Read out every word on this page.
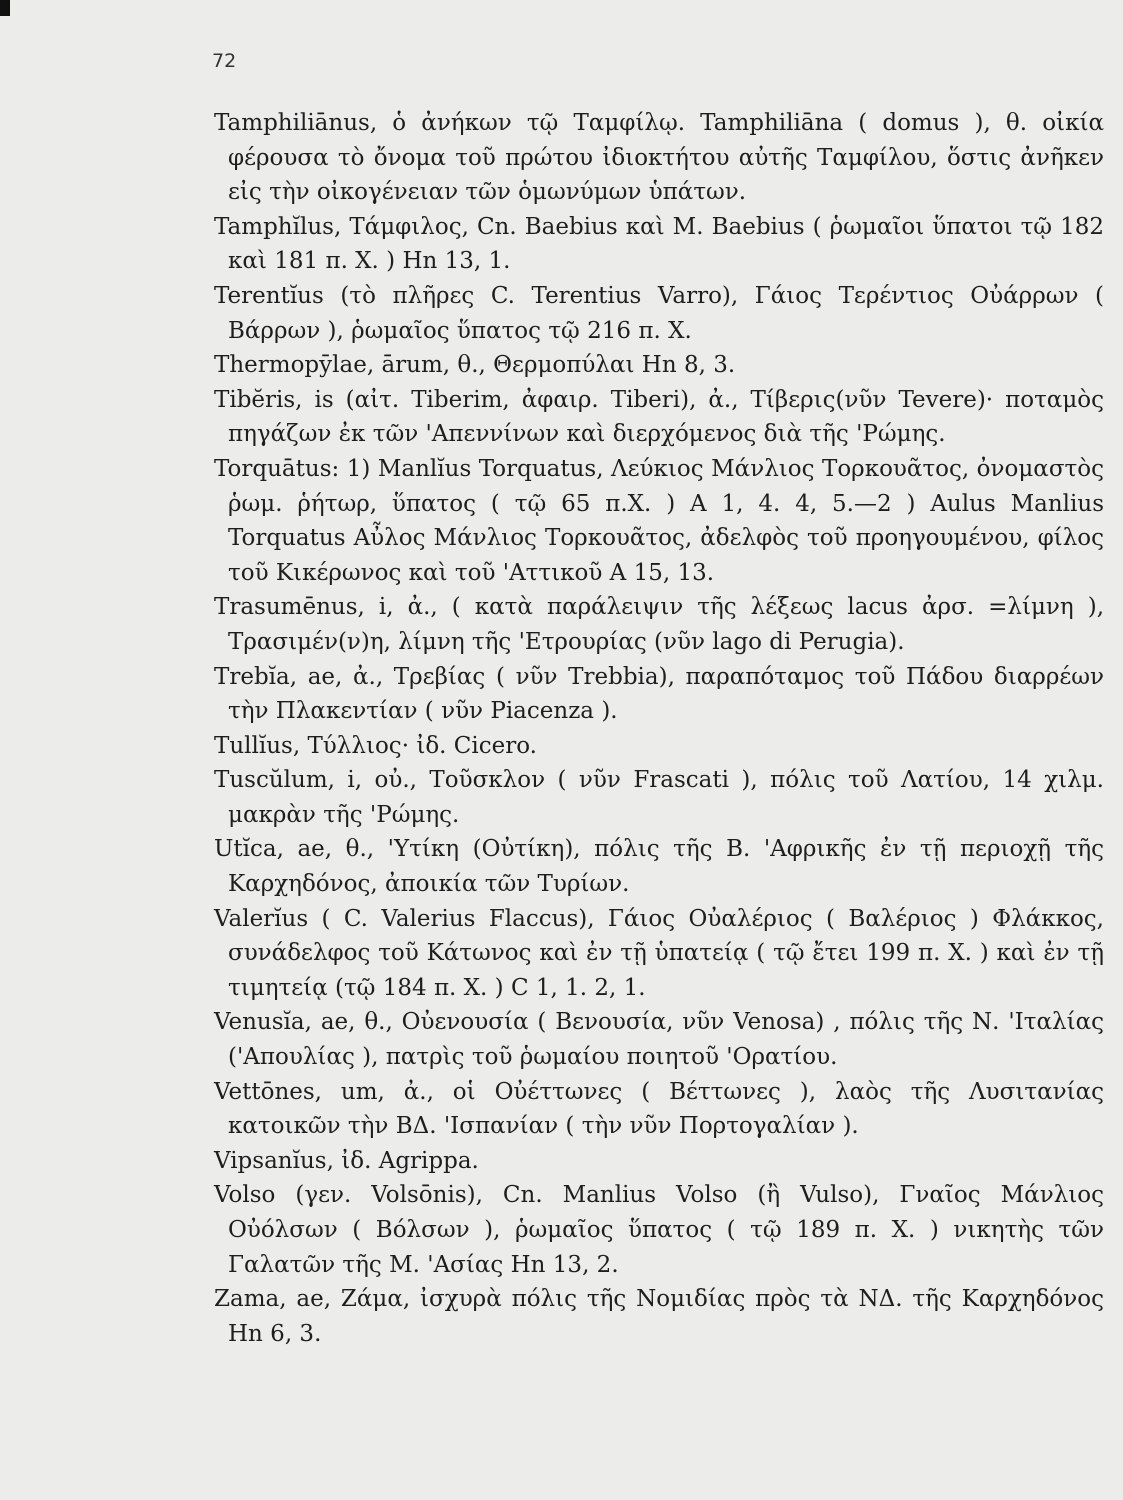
72

Tamphiliānus, ὁ ἀνήκων τῷ Ταμφίλῳ. Tamphiliāna ( domus ), θ. οἰκία φέρουσα τὸ ὄνομα τοῦ πρώτου ἰδιοκτήτου αὐτῆς Ταμφίλου, ὅστις ἀνῆκεν εἰς τὴν οἰκογένειαν τῶν ὁμωνύμων ὑπάτων.

Tamphĭlus, Τάμφιλος, Cn. Baebius καὶ M. Baebius ( ῥωμαῖοι ὕπατοι τῷ 182 καὶ 181 π. Χ. ) Hn 13, 1.

Terentĭus (τὸ πλῆρες C. Terentius Varro), Γάιος Τερέντιος Οὐάρρων ( Βάρρων ), ῥωμαῖος ὕπατος τῷ 216 π. Χ.

Thermopȳlae, ārum, θ., Θερμοπύλαι Hn 8, 3.

Tibĕris, is (αἰτ. Tiberim, ἀφαιρ. Tiberi), ἀ., Τίβερις(νῦν Tevere)· ποταμὸς πηγάζων ἐκ τῶν 'Απεννίνων καὶ διερχόμενος διὰ τῆς 'Ρώμης.

Torquātus: 1) Manlĭus Torquatus, Λεύκιος Μάνλιος Τορκουᾶτος, ὀνομαστὸς ῥωμ. ῥήτωρ, ὕπατος ( τῷ 65 π.Χ. ) A 1, 4. 4, 5.—2 ) Aulus Manlius Torquatus Αὖλος Μάνλιος Τορκουᾶτος, ἀδελφὸς τοῦ προηγουμένου, φίλος τοῦ Κικέρωνος καὶ τοῦ 'Αττικοῦ A 15, 13.

Trasumēnus, i, ἀ., ( κατὰ παράλειψιν τῆς λέξεως lacus ἀρσ. =λίμνη ), Τρασιμέν(ν)η, λίμνη τῆς 'Ετρουρίας (νῦν lago di Perugia).

Trebĭa, ae, ἀ., Τρεβίας ( νῦν Trebbia), παραπόταμος τοῦ Πάδου διαρρέων τὴν Πλακεντίαν ( νῦν Piacenza ).

Tullĭus, Τύλλιος· ἰδ. Cicero.

Tuscŭlum, i, οὐ., Τοῦσκλον ( νῦν Frascati ), πόλις τοῦ Λατίου, 14 χιλμ. μακρὰν τῆς 'Ρώμης.

Utĭca, ae, θ., 'Υτίκη (Οὐτίκη), πόλις τῆς Β. 'Αφρικῆς ἐν τῇ περιοχῇ τῆς Καρχηδόνος, ἀποικία τῶν Τυρίων.

Valerĭus ( C. Valerius Flaccus), Γάιος Οὐαλέριος ( Βαλέριος ) Φλάκκος, συνάδελφος τοῦ Κάτωνος καὶ ἐν τῇ ὑπατείᾳ ( τῷ ἔτει 199 π. Χ. ) καὶ ἐν τῇ τιμητείᾳ (τῷ 184 π. Χ. ) C 1, 1. 2, 1.

Venusĭa, ae, θ., Οὐενουσία ( Βενουσία, νῦν Venosa) , πόλις τῆς Ν. 'Ιταλίας ('Απουλίας ), πατρὶς τοῦ ῥωμαίου ποιητοῦ 'Ορατίου.

Vettōnes, um, ἀ., οἱ Οὐέττωνες ( Βέττωνες ), λαὸς τῆς Λυσιτανίας κατοικῶν τὴν ΒΔ. 'Ισπανίαν ( τὴν νῦν Πορτογαλίαν ).

Vipsanĭus, ἰδ. Agrippa.

Volso (γεν. Volsōnis), Cn. Manlius Volso (ἢ Vulso), Γναῖος Μάνλιος Οὐόλσων ( Βόλσων ), ῥωμαῖος ὕπατος ( τῷ 189 π. Χ. ) νικητὴς τῶν Γαλατῶν τῆς Μ. 'Ασίας Hn 13, 2.

Zama, ae, Ζάμα, ἰσχυρὰ πόλις τῆς Νομιδίας πρὸς τὰ ΝΔ. τῆς Καρχηδόνος Hn 6, 3.
